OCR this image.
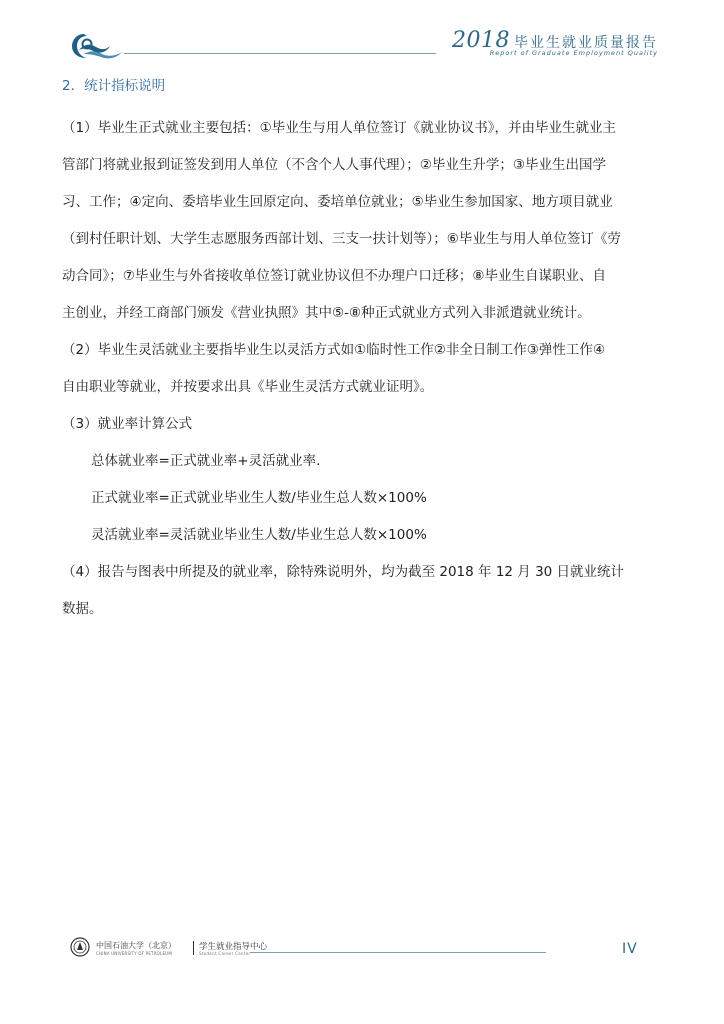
2018 毕业生就业质量报告
Report of Graduate Employment Quality
2．统计指标说明

（1）毕业生正式就业主要包括：①毕业生与用人单位签订《就业协议书》，并由毕业生就业主
管部门将就业报到证签发到用人单位（不含个人人事代理）；②毕业生升学；③毕业生出国学
习、工作；④定向、委培毕业生回原定向、委培单位就业；⑤毕业生参加国家、地方项目就业
（到村任职计划、大学生志愿服务西部计划、三支一扶计划等）；⑥毕业生与用人单位签订《劳
动合同》；⑦毕业生与外省接收单位签订就业协议但不办理户口迁移；⑧毕业生自谋职业、自
主创业，并经工商部门颁发《营业执照》其中⑤-⑧种正式就业方式列入非派遣就业统计。

（2）毕业生灵活就业主要指毕业生以灵活方式如①临时性工作②非全日制工作③弹性工作④
自由职业等就业，并按要求出具《毕业生灵活方式就业证明》。

（3）就业率计算公式

总体就业率=正式就业率+灵活就业率.

正式就业率=正式就业毕业生人数/毕业生总人数×100%

灵活就业率=灵活就业毕业生人数/毕业生总人数×100%

（4）报告与图表中所提及的就业率，除特殊说明外，均为截至 2018 年 12 月 30 日就业统计
数据。

中国石油大学（北京）
CHINA UNIVERSITY OF PETROLEUM
学生就业指导中心
Student Career Center	IV
